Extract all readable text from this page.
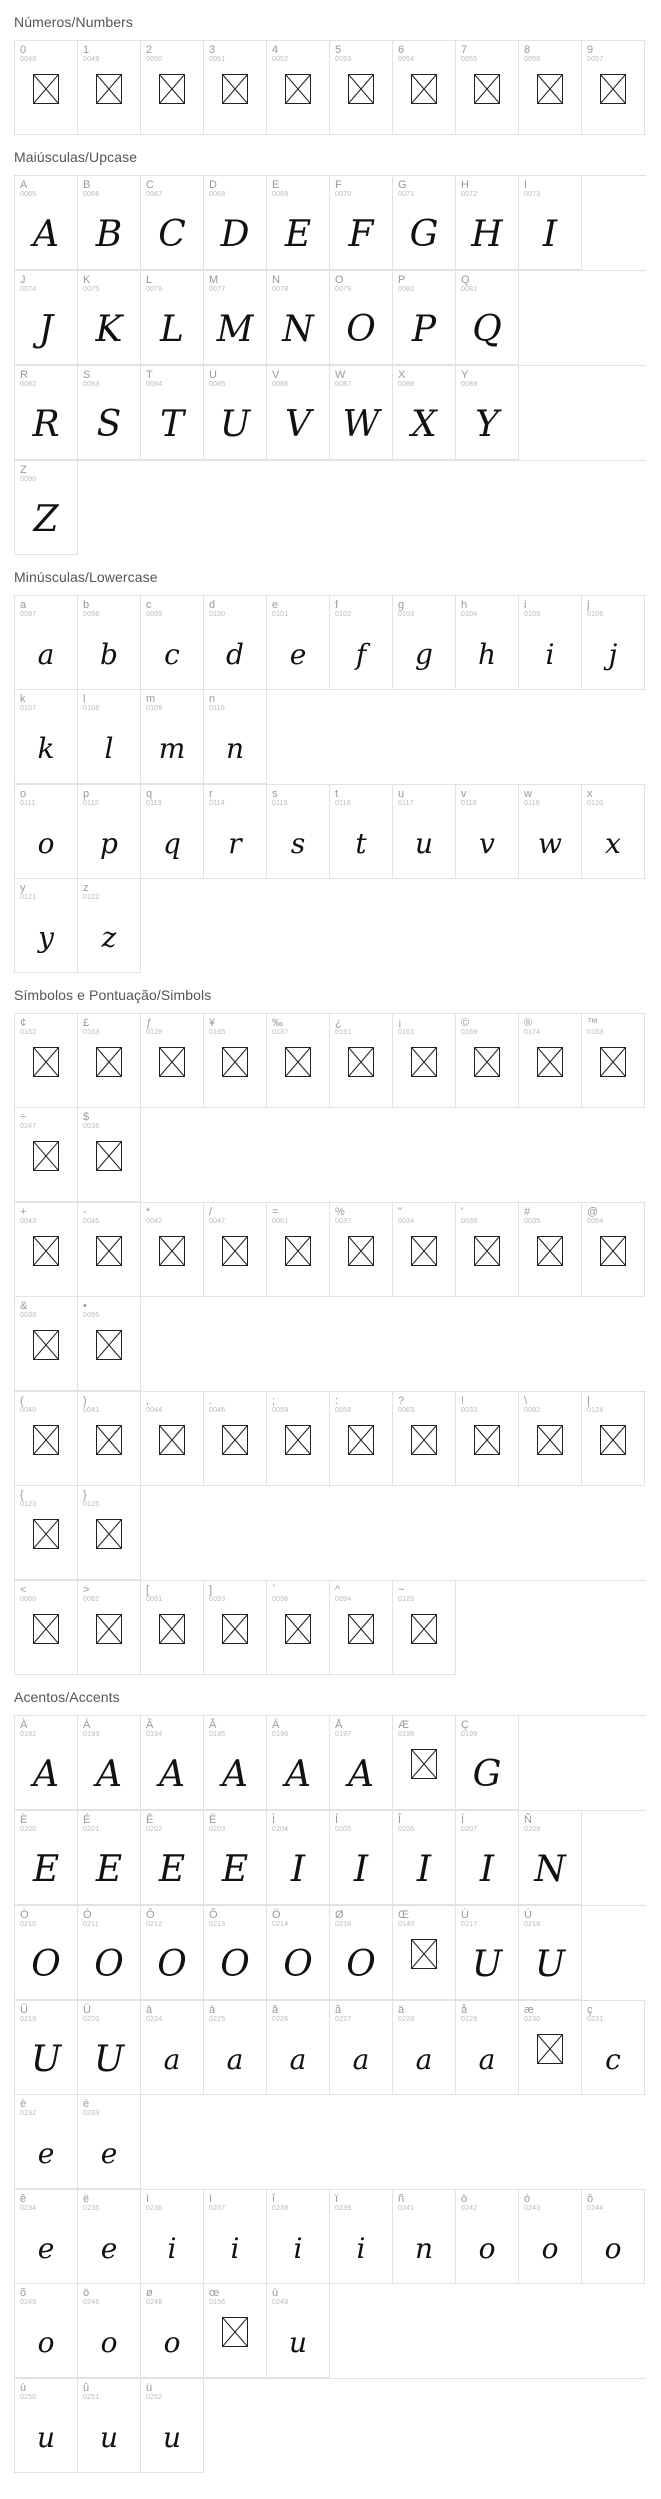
Números/Numbers
0
0048
1
0049
2
0050
3
0051
4
0052
5
0053
6
0054
7
0055
8
0056
9
0057
Maiúsculas/Upcase
A
0065
A
B
0066
B
C
0067
C
D
0068
D
E
0069
E
F
0070
F
G
0071
G
H
0072
H
I
0073
I
J
0074
J
K
0075
K
L
0076
L
M
0077
M
N
0078
N
O
0079
O
P
0080
P
Q
0081
Q
R
0082
R
S
0083
S
T
0084
T
U
0085
U
V
0086
V
W
0087
W
X
0088
X
Y
0089
Y
Z
0090
Z
Minúsculas/Lowercase
a
0097
a
b
0098
b
c
0099
c
d
0100
d
e
0101
e
f
0102
f
g
0103
g
h
0104
h
i
0105
i
j
0106
j
k
0107
k
l
0108
l
m
0109
m
n
0110
n
o
0111
o
p
0112
p
q
0113
q
r
0114
r
s
0115
s
t
0116
t
u
0117
u
v
0118
v
w
0119
w
x
0120
x
y
0121
y
z
0122
z
Símbolos e Pontuação/Simbols
¢
0162
£
0163
ƒ
0128
¥
0165
‰
0137
¿
0191
¡
0161
©
0169
®
0174
™
0153
÷
0247
$
0036
+
0043
-
0045
*
0042
/
0047
=
0061
%
0037
"
0034
'
0039
#
0035
@
0064
&
0038
•
0095
(
0040
)
0041
,
0044
.
0046
;
0059
:
0058
?
0063
!
0033
\
0092
|
0124
{
0123
}
0125
<
0060
>
0062
[
0091
]
0093
`
0096
^
0094
~
0126
Acentos/Accents
À
0192
A
Á
0193
A
Â
0194
A
Ã
0195
A
Ä
0196
A
Å
0197
A
Æ
0198
Ç
0199
G
È
0200
E
É
0201
E
Ê
0202
E
Ë
0203
E
Ì
0204
I
Í
0205
I
Î
0206
I
Ï
0207
I
Ñ
0209
N
Ò
0210
O
Ó
0211
O
Ô
0212
O
Õ
0213
O
Ö
0214
O
Ø
0216
O
Œ
0140
Ù
0217
U
Ú
0218
U
Û
0219
U
Ü
0220
U
à
0224
a
á
0225
a
â
0226
a
ã
0227
a
ä
0228
a
å
0229
a
æ
0230
ç
0231
c
è
0232
e
é
0233
e
ê
0234
e
ë
0235
e
ì
0236
i
í
0237
i
î
0238
i
ï
0239
i
ñ
0241
n
ò
0242
o
ó
0243
o
ô
0244
o
õ
0245
o
ö
0246
o
ø
0248
o
œ
0156
ù
0249
u
ú
0250
u
û
0251
u
ü
0252
u
